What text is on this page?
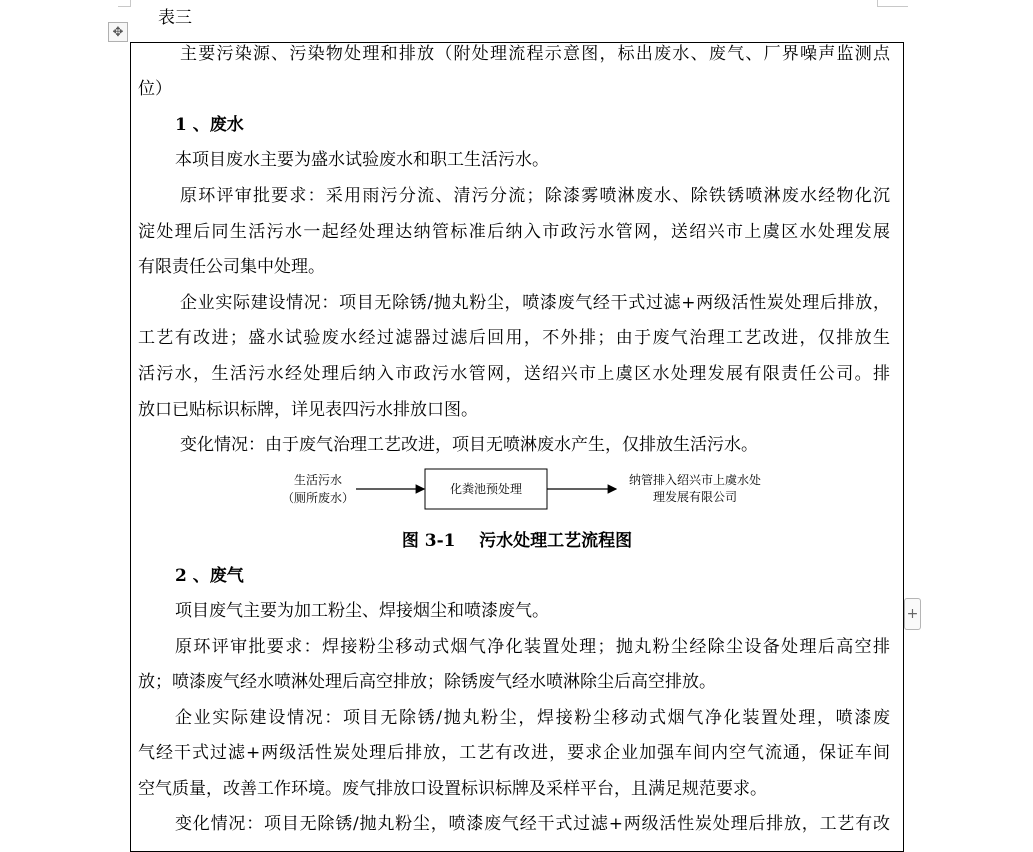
✥
表三
+
主要污染源、污染物处理和排放（附处理流程示意图，标出废水、废气、厂界噪声监测点
位）
1 、废水
本项目废水主要为盛水试验废水和职工生活污水。
原环评审批要求：采用雨污分流、清污分流；除漆雾喷淋废水、除铁锈喷淋废水经物化沉
淀处理后同生活污水一起经处理达纳管标准后纳入市政污水管网，送绍兴市上虞区水处理发展
有限责任公司集中处理。
企业实际建设情况：项目无除锈/抛丸粉尘，喷漆废气经干式过滤+两级活性炭处理后排放，
工艺有改进；盛水试验废水经过滤器过滤后回用，不外排；由于废气治理工艺改进，仅排放生
活污水，生活污水经处理后纳入市政污水管网，送绍兴市上虞区水处理发展有限责任公司。排
放口已贴标识标牌，详见表四污水排放口图。
变化情况：由于废气治理工艺改进，项目无喷淋废水产生，仅排放生活污水。
生活污水
（厕所废水）
化粪池预处理
纳管排入绍兴市上虞水处
理发展有限公司
图 3-1    污水处理工艺流程图
2 、废气
项目废气主要为加工粉尘、焊接烟尘和喷漆废气。
原环评审批要求：焊接粉尘移动式烟气净化装置处理；抛丸粉尘经除尘设备处理后高空排
放；喷漆废气经水喷淋处理后高空排放；除锈废气经水喷淋除尘后高空排放。
企业实际建设情况：项目无除锈/抛丸粉尘，焊接粉尘移动式烟气净化装置处理，喷漆废
气经干式过滤+两级活性炭处理后排放，工艺有改进，要求企业加强车间内空气流通，保证车间
空气质量，改善工作环境。废气排放口设置标识标牌及采样平台，且满足规范要求。
变化情况：项目无除锈/抛丸粉尘，喷漆废气经干式过滤+两级活性炭处理后排放，工艺有改
